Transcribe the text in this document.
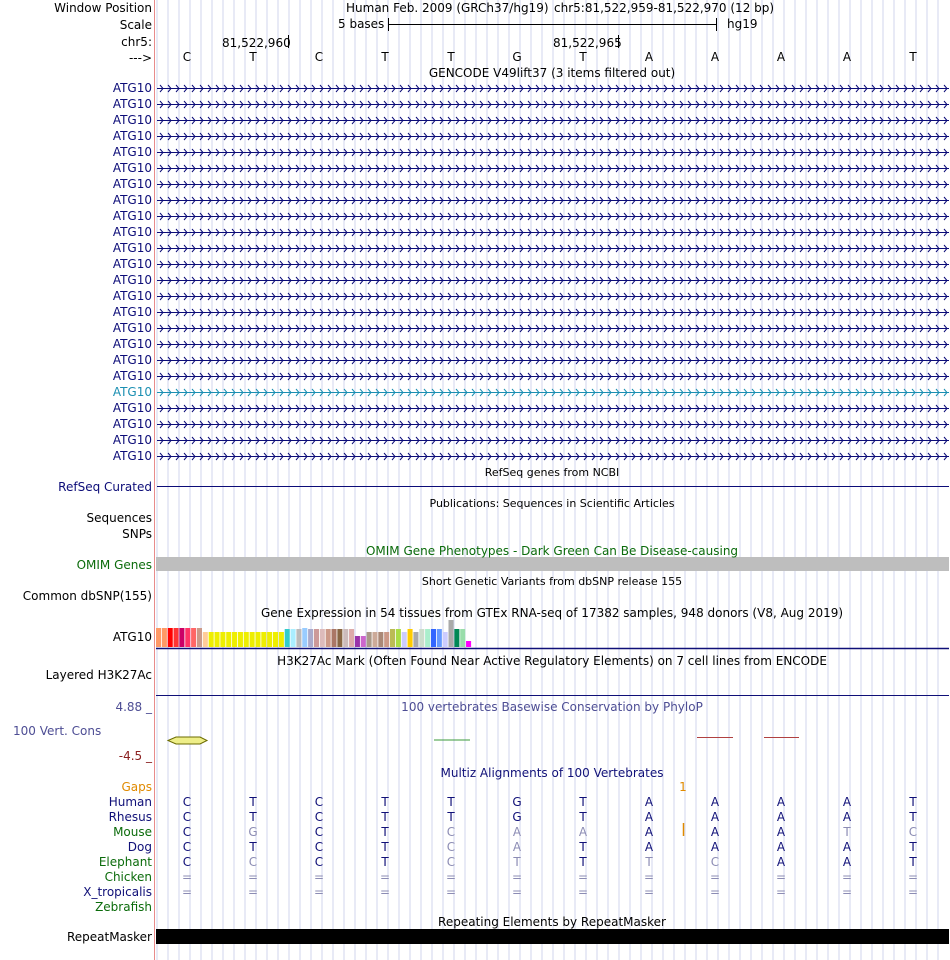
Window Position
Scale
chr5:
--->
Human Feb. 2009 (GRCh37/hg19) chr5:81,522,959-81,522,970 (12 bp)
5 bases	hg19
81,522,960	81,522,965
C	T	C	T	T	G	T	A	A	A	A	T
GENCODE V49lift37 (3 items filtered out)
ATG10
ATG10
ATG10
ATG10
ATG10
ATG10
ATG10
ATG10
ATG10
ATG10
ATG10
ATG10
ATG10
ATG10
ATG10
ATG10
ATG10
ATG10
ATG10
ATG10
ATG10
ATG10
ATG10
ATG10
RefSeq genes from NCBI
RefSeq Curated
Publications: Sequences in Scientific Articles
Sequences
SNPs
OMIM Gene Phenotypes - Dark Green Can Be Disease-causing
OMIM Genes
Short Genetic Variants from dbSNP release 155
Common dbSNP(155)
Gene Expression in 54 tissues from GTEx RNA-seq of 17382 samples, 948 donors (V8, Aug 2019)
ATG10
H3K27Ac Mark (Often Found Near Active Regulatory Elements) on 7 cell lines from ENCODE
Layered H3K27Ac
100 vertebrates Basewise Conservation by PhyloP
4.88 _
100 Vert. Cons
-4.5 _
Multiz Alignments of 100 Vertebrates
Gaps	1
Human	C	T	C	T	T	G	T	A	A	A	A	T
Rhesus	C	T	C	T	T	G	T	A	A	A	A	T
Mouse	C	G	C	T	C	A	A	A	A	A	T	C
Dog	C	T	C	T	C	A	T	A	A	A	A	T
Elephant	C	C	C	T	C	T	T	T	C	A	A	T
Chicken =	=	=	=	=	=	=	=	=	=	=	=
X_tropicalis =	=	=	=	=	=	=	=	=	=	=	=
Zebrafish
Repeating Elements by RepeatMasker
RepeatMasker
